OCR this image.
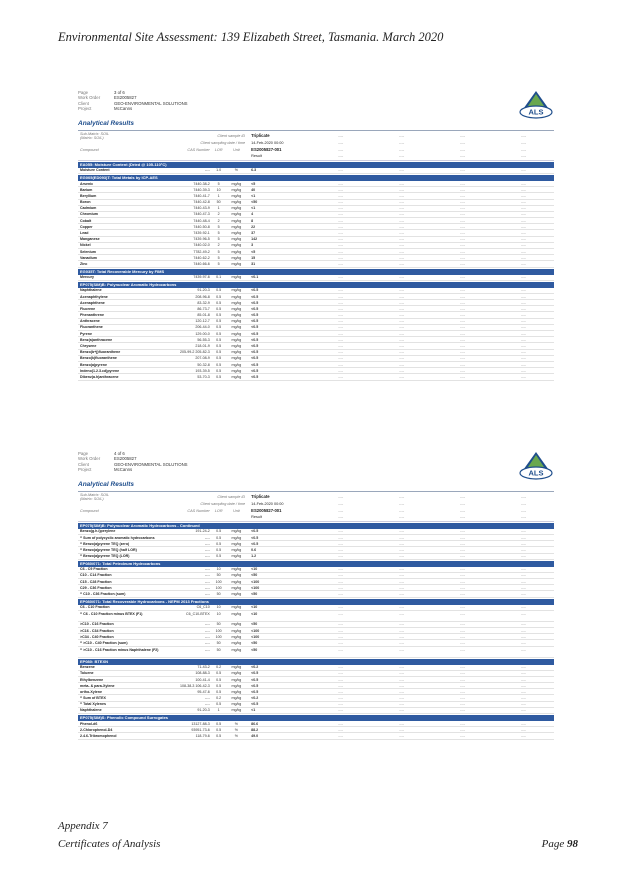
Environmental Site Assessment: 139 Elizabeth Street, Tasmania. March 2020
Page	3 of 6
Work Order	ES2005827
Client	GEO-ENVIRONMENTAL SOLUTIONS
Project	McCanns	ALS
Analytical Results
Sub-Matrix: SOIL
(Matrix: SOIL)	Client sample ID	Triplicate	----	----	----	----
Client sampling date / time	14-Feb-2020 00:00	----	----	----	----
Compound	CAS Number	LOR	Unit	ES2005827-001	----	----	----	----
Result	----	----	----	----
EA055: Moisture Content (Dried @ 105-110°C)
Moisture Content	----	1.0	%	6.3	----	----	----	----
EG005(ED093)T: Total Metals by ICP-AES
Arsenic	7440-38-2	5	mg/kg	<5	----	----	----	----
Barium	7440-39-3	10	mg/kg	40	----	----	----	----
Beryllium	7440-41-7	1	mg/kg	<1	----	----	----	----
Boron	7440-42-8	50	mg/kg	<50	----	----	----	----
Cadmium	7440-43-9	1	mg/kg	<1	----	----	----	----
Chromium	7440-47-3	2	mg/kg	4	----	----	----	----
Cobalt	7440-48-4	2	mg/kg	8	----	----	----	----
Copper	7440-50-8	5	mg/kg	22	----	----	----	----
Lead	7439-92-1	5	mg/kg	37	----	----	----	----
Manganese	7439-96-5	5	mg/kg	142	----	----	----	----
Nickel	7440-02-0	2	mg/kg	3	----	----	----	----
Selenium	7782-49-2	5	mg/kg	<5	----	----	----	----
Vanadium	7440-62-2	5	mg/kg	15	----	----	----	----
Zinc	7440-66-6	5	mg/kg	31	----	----	----	----
EG035T: Total Recoverable Mercury by FIMS
Mercury	7439-97-6	0.1	mg/kg	<0.1	----	----	----	----
EP075(SIM)B: Polynuclear Aromatic Hydrocarbons
Naphthalene	91-20-3	0.5	mg/kg	<0.5	----	----	----	----
Acenaphthylene	208-96-8	0.5	mg/kg	<0.5	----	----	----	----
Acenaphthene	83-32-9	0.5	mg/kg	<0.5	----	----	----	----
Fluorene	86-73-7	0.5	mg/kg	<0.5	----	----	----	----
Phenanthrene	85-01-8	0.5	mg/kg	<0.5	----	----	----	----
Anthracene	120-12-7	0.5	mg/kg	<0.5	----	----	----	----
Fluoranthene	206-44-0	0.5	mg/kg	<0.5	----	----	----	----
Pyrene	129-00-0	0.5	mg/kg	<0.5	----	----	----	----
Benz(a)anthracene	56-55-3	0.5	mg/kg	<0.5	----	----	----	----
Chrysene	218-01-9	0.5	mg/kg	<0.5	----	----	----	----
Benzo(b+j)fluoranthene	205-99-2 205-82-3	0.5	mg/kg	<0.5	----	----	----	----
Benzo(k)fluoranthene	207-08-9	0.5	mg/kg	<0.5	----	----	----	----
Benzo(a)pyrene	50-32-8	0.5	mg/kg	<0.5	----	----	----	----
Indeno(1.2.3.cd)pyrene	193-39-5	0.5	mg/kg	<0.5	----	----	----	----
Dibenz(a.h)anthracene	53-70-3	0.5	mg/kg	<0.5	----	----	----	----
Page	4 of 6
Work Order	ES2005827
Client	GEO-ENVIRONMENTAL SOLUTIONS
Project	McCanns	ALS
Analytical Results
Sub-Matrix: SOIL
(Matrix: SOIL)	Client sample ID	Triplicate	----	----	----	----
Client sampling date / time	14-Feb-2020 00:00	----	----	----	----
Compound	CAS Number	LOR	Unit	ES2005827-001	----	----	----	----
Result	----	----	----	----
EP075(SIM)B: Polynuclear Aromatic Hydrocarbons - Continued
Benzo(g.h.i)perylene	191-24-2	0.5	mg/kg	<0.5	----	----	----	----
^ Sum of polycyclic aromatic hydrocarbons	----	0.5	mg/kg	<0.5	----	----	----	----
^ Benzo(a)pyrene TEQ (zero)	----	0.5	mg/kg	<0.5	----	----	----	----
^ Benzo(a)pyrene TEQ (half LOR)	----	0.5	mg/kg	0.6	----	----	----	----
^ Benzo(a)pyrene TEQ (LOR)	----	0.5	mg/kg	1.2	----	----	----	----
EP080/071: Total Petroleum Hydrocarbons
C6 - C9 Fraction	----	10	mg/kg	<10	----	----	----	----
C10 - C14 Fraction	----	50	mg/kg	<50	----	----	----	----
C15 - C28 Fraction	----	100	mg/kg	<100	----	----	----	----
C29 - C36 Fraction	----	100	mg/kg	<100	----	----	----	----
^ C10 - C36 Fraction (sum)	----	50	mg/kg	<50	----	----	----	----
EP080/071: Total Recoverable Hydrocarbons - NEPM 2013 Fractions
C6 - C10 Fraction	C6_C10	10	mg/kg	<10	----	----	----	----
^ C6 - C10 Fraction minus BTEX (F1)	C6_C10-BTEX	10	mg/kg	<10	----	----	----	----
>C10 - C16 Fraction	----	50	mg/kg	<50	----	----	----	----
>C16 - C34 Fraction	----	100	mg/kg	<100	----	----	----	----
>C34 - C40 Fraction	----	100	mg/kg	<100	----	----	----	----
^ >C10 - C40 Fraction (sum)	----	50	mg/kg	<50	----	----	----	----
^ >C10 - C16 Fraction minus Naphthalene (F2)	----	50	mg/kg	<50	----	----	----	----
EP080: BTEXN
Benzene	71-43-2	0.2	mg/kg	<0.2	----	----	----	----
Toluene	108-88-3	0.5	mg/kg	<0.5	----	----	----	----
Ethylbenzene	100-41-4	0.5	mg/kg	<0.5	----	----	----	----
meta- & para-Xylene	108-38-3 106-42-3	0.5	mg/kg	<0.5	----	----	----	----
ortho-Xylene	95-47-6	0.5	mg/kg	<0.5	----	----	----	----
^ Sum of BTEX	----	0.2	mg/kg	<0.2	----	----	----	----
^ Total Xylenes	----	0.5	mg/kg	<0.5	----	----	----	----
Naphthalene	91-20-3	1	mg/kg	<1	----	----	----	----
EP075(SIM)S: Phenolic Compound Surrogates
Phenol-d6	13127-88-3	0.5	%	86.6	----	----	----	----
2-Chlorophenol-D4	93951-73-6	0.5	%	88.2	----	----	----	----
2.4.6-Tribromophenol	118-79-6	0.5	%	49.0	----	----	----	----
Appendix 7
Certificates of Analysis	Page 98
